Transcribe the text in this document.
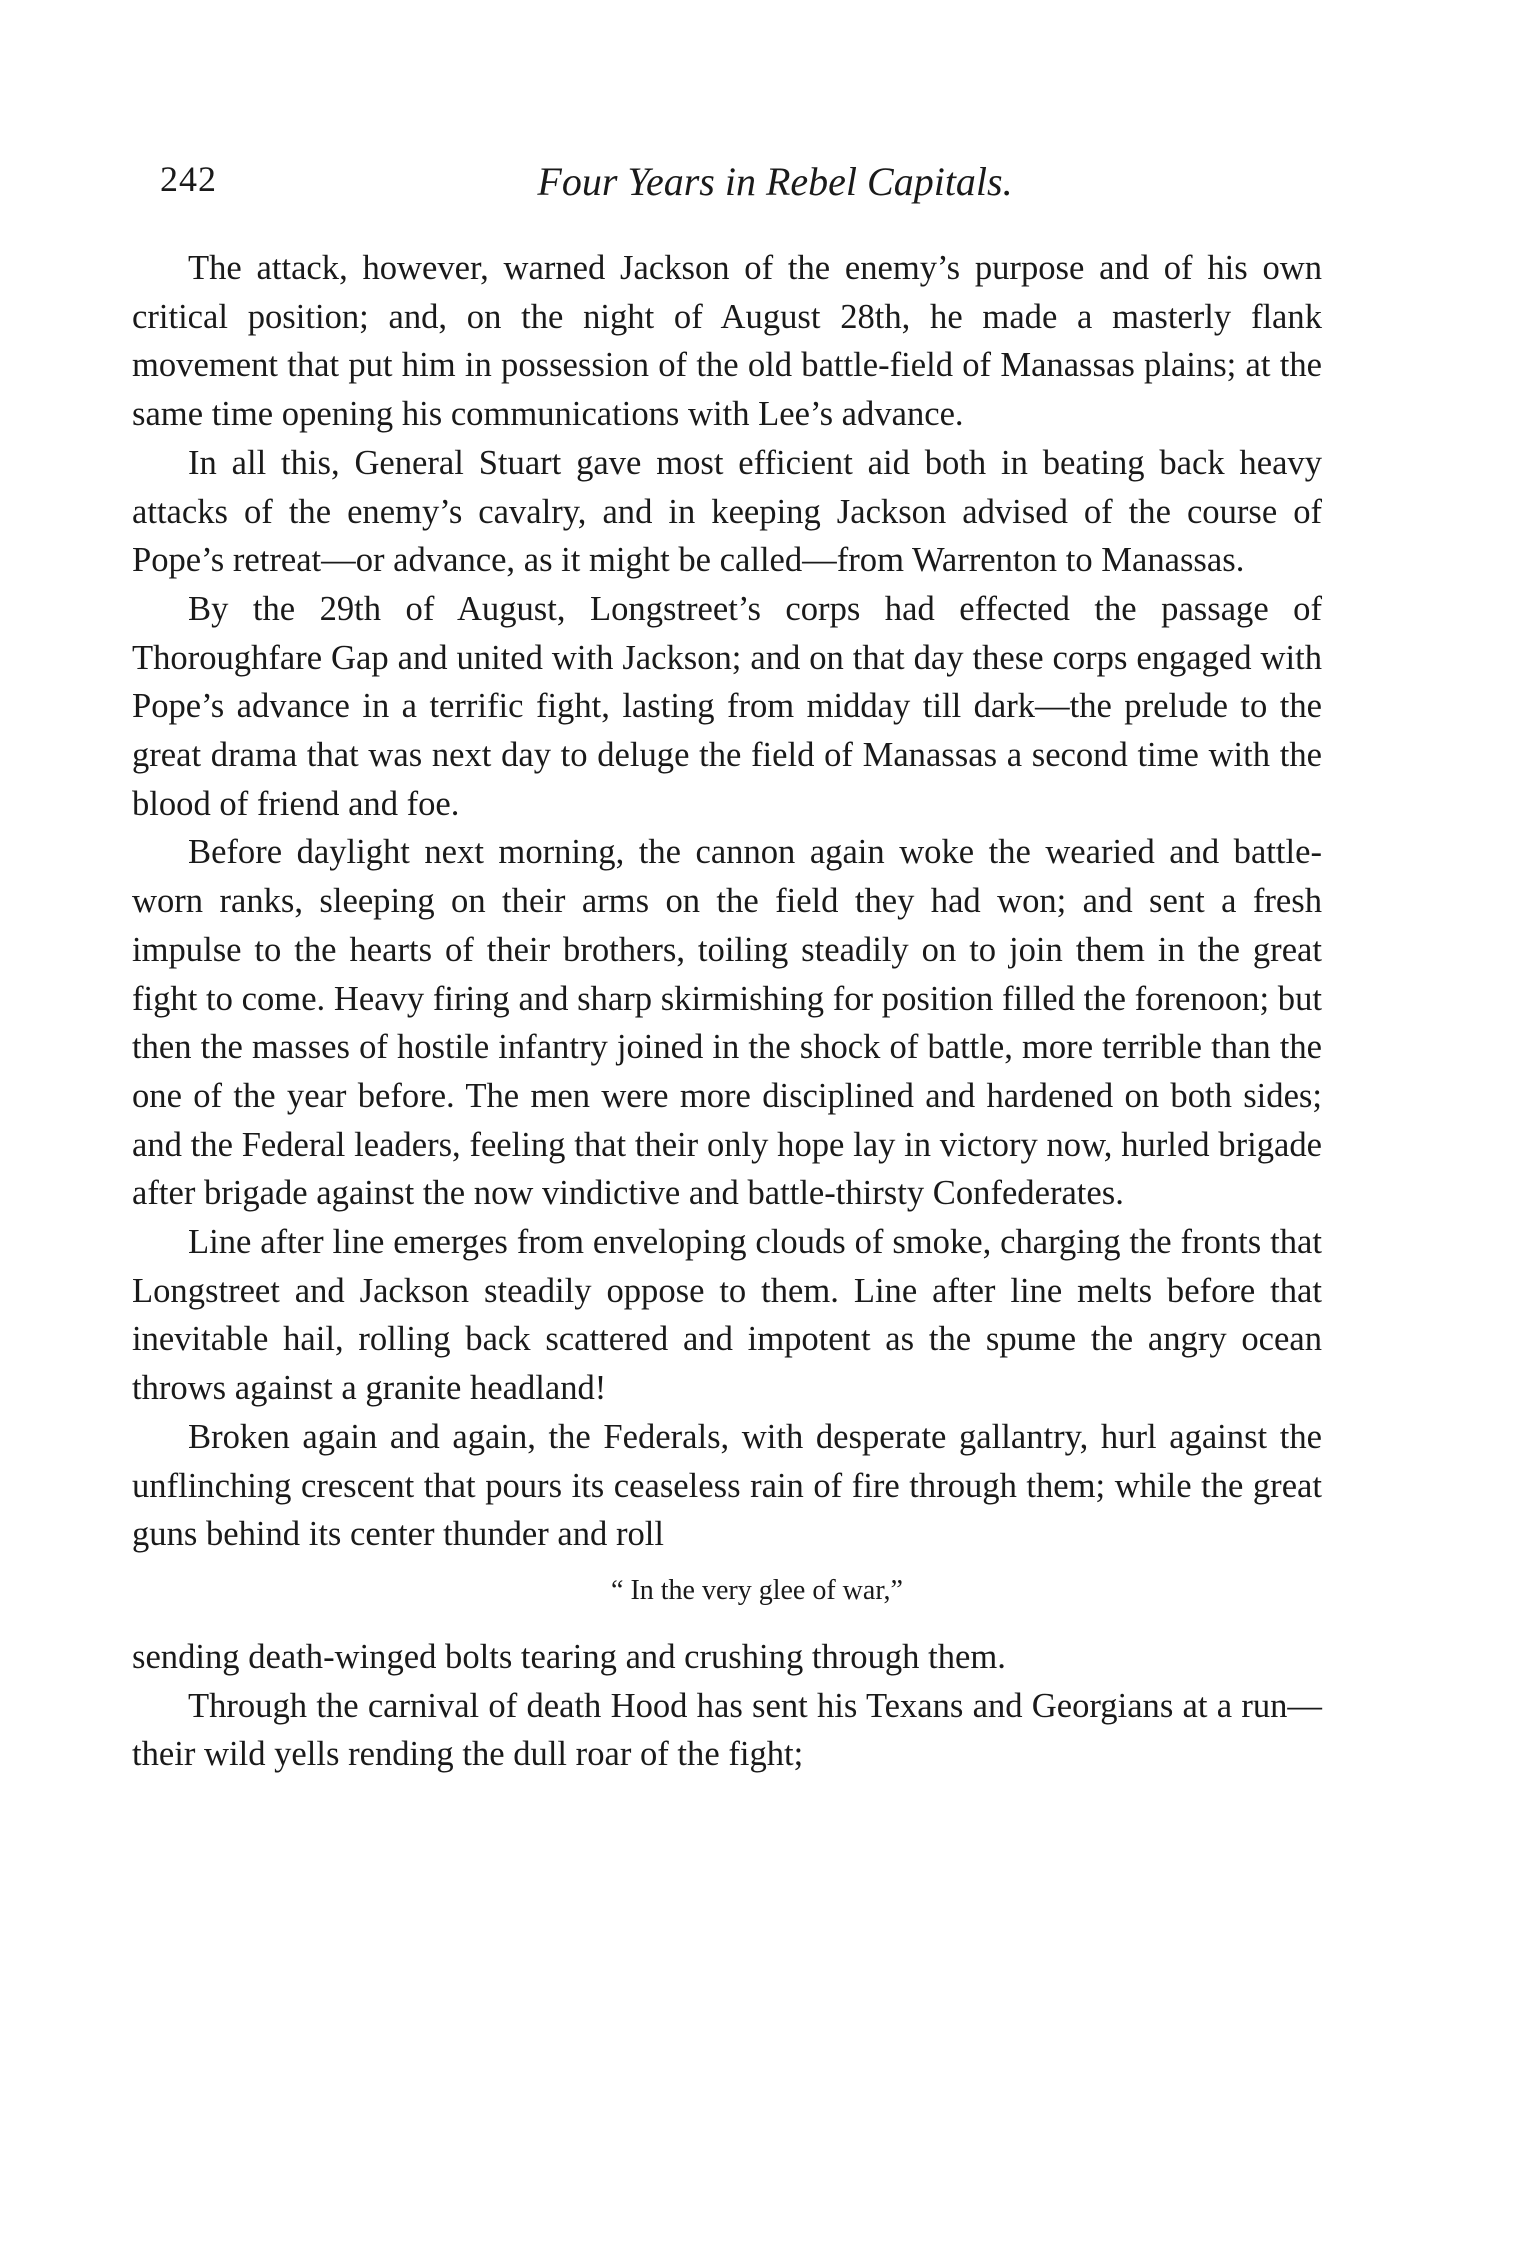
242	Four Years in Rebel Capitals.

The attack, however, warned Jackson of the enemy’s purpose and of his own critical position; and, on the night of August 28th, he made a masterly flank movement that put him in possession of the old battle-field of Manassas plains; at the same time opening his communications with Lee’s advance.

In all this, General Stuart gave most efficient aid both in beating back heavy attacks of the enemy’s cavalry, and in keeping Jackson advised of the course of Pope’s retreat—or advance, as it might be called—from Warrenton to Manassas.

By the 29th of August, Longstreet’s corps had effected the passage of Thoroughfare Gap and united with Jackson; and on that day these corps engaged with Pope’s advance in a terrific fight, lasting from midday till dark—the prelude to the great drama that was next day to deluge the field of Manassas a second time with the blood of friend and foe.

Before daylight next morning, the cannon again woke the wearied and battle-worn ranks, sleeping on their arms on the field they had won; and sent a fresh impulse to the hearts of their brothers, toiling steadily on to join them in the great fight to come. Heavy firing and sharp skirmishing for position filled the forenoon; but then the masses of hostile infantry joined in the shock of battle, more terrible than the one of the year before. The men were more disciplined and hardened on both sides; and the Federal leaders, feeling that their only hope lay in victory now, hurled brigade after brigade against the now vindictive and battle-thirsty Confederates.

Line after line emerges from enveloping clouds of smoke, charging the fronts that Longstreet and Jackson steadily oppose to them. Line after line melts before that inevitable hail, rolling back scattered and impotent as the spume the angry ocean throws against a granite headland!

Broken again and again, the Federals, with desperate gallantry, hurl against the unflinching crescent that pours its ceaseless rain of fire through them; while the great guns behind its center thunder and roll

“ In the very glee of war,”

sending death-winged bolts tearing and crushing through them.

Through the carnival of death Hood has sent his Texans and Georgians at a run—their wild yells rending the dull roar of the fight;
